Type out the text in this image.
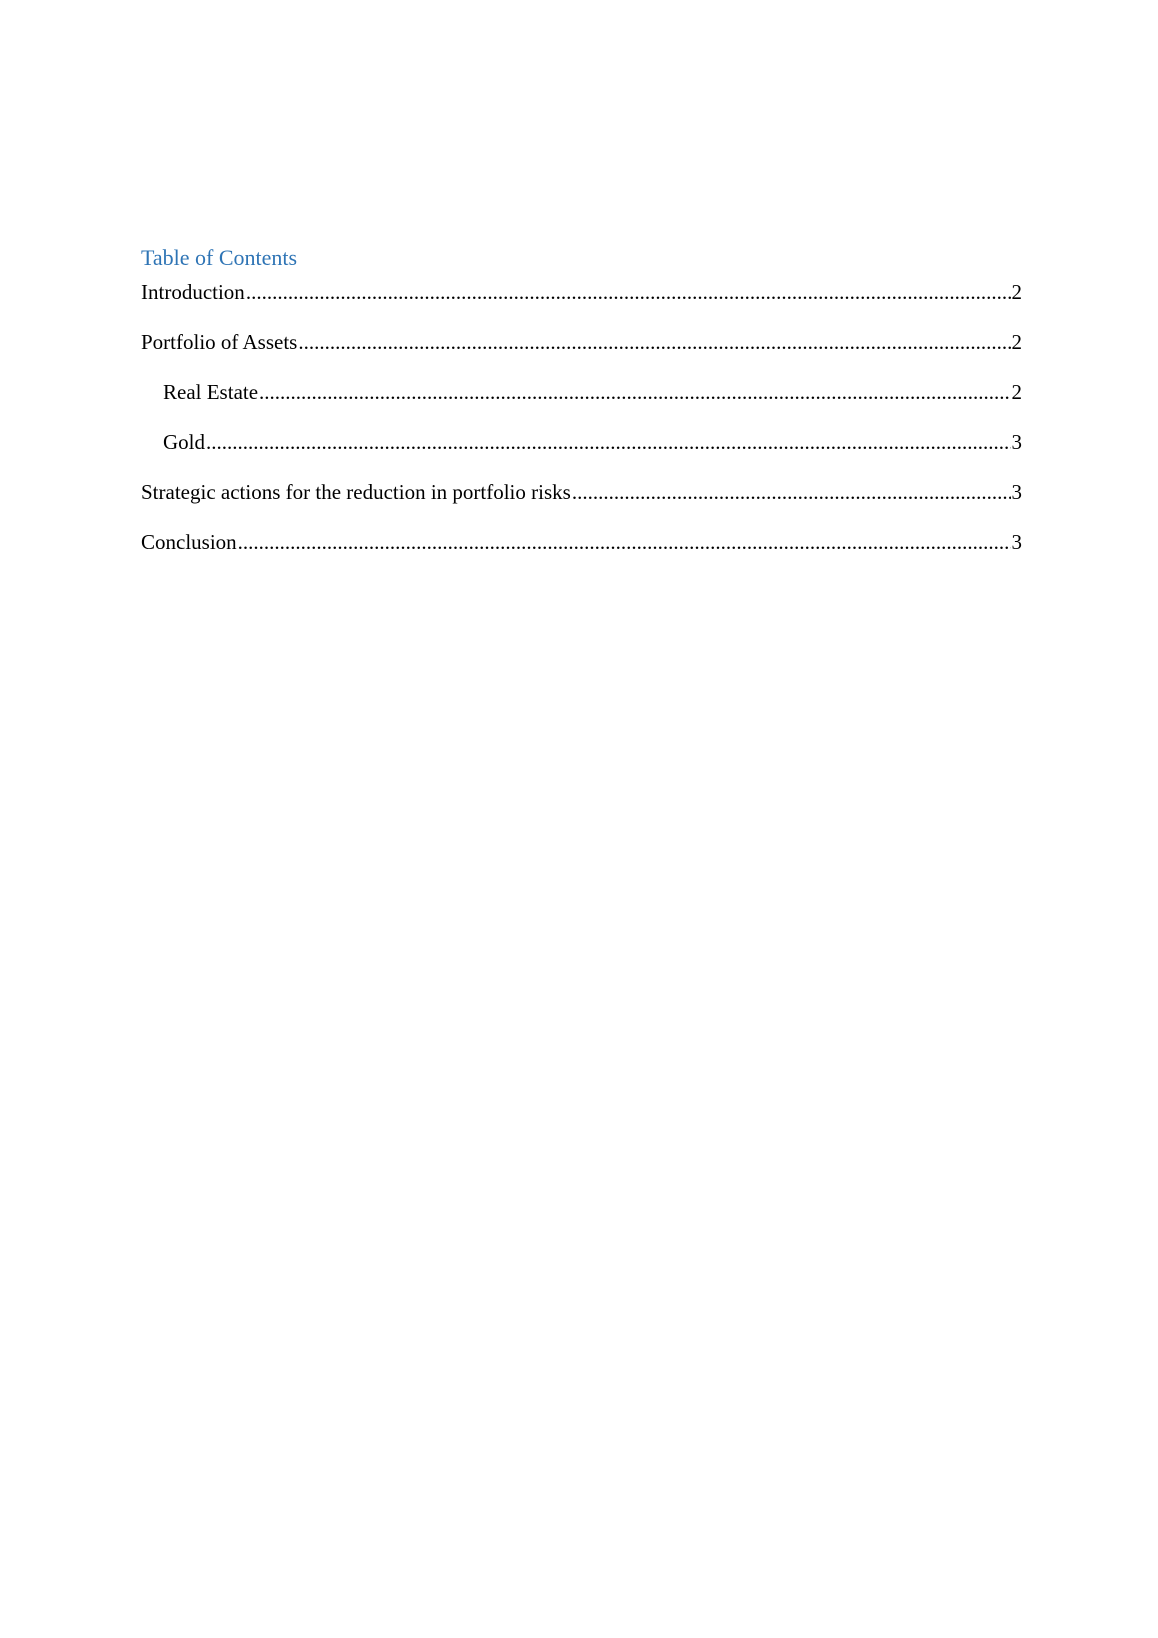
Table of Contents
Introduction .....	2
Portfolio of Assets .....	2
Real Estate .....	2
Gold .....	3
Strategic actions for the reduction in portfolio risks .....	3
Conclusion .....	3
